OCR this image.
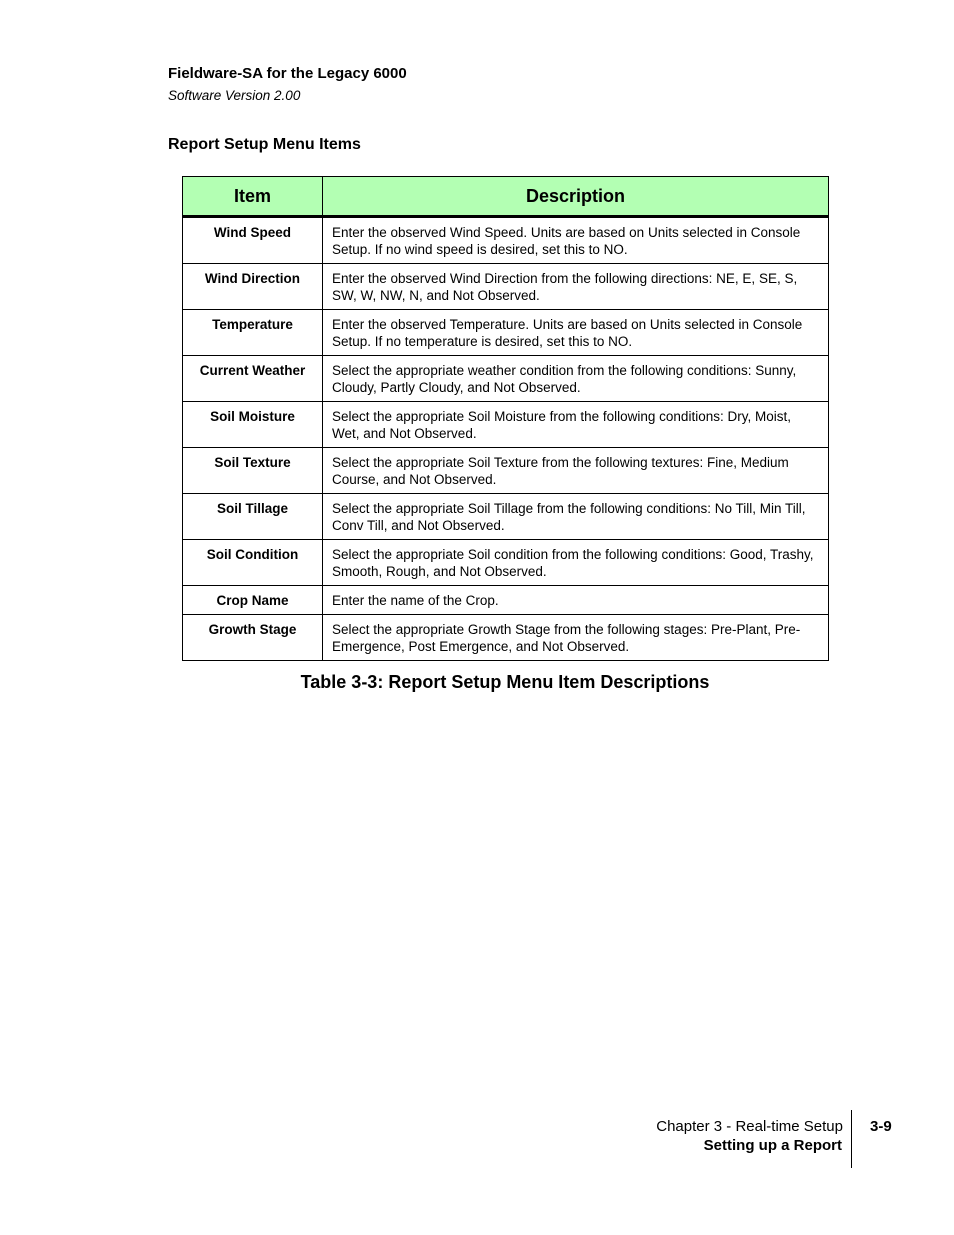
Fieldware-SA for the Legacy 6000
Software Version 2.00
Report Setup Menu Items
Item	Description
Wind Speed	Enter the observed Wind Speed. Units are based on Units selected in Console Setup. If no wind speed is desired, set this to NO.
Wind Direction	Enter the observed Wind Direction from the following directions: NE, E, SE, S, SW, W, NW, N, and Not Observed.
Temperature	Enter the observed Temperature. Units are based on Units selected in Console Setup. If no temperature is desired, set this to NO.
Current Weather	Select the appropriate weather condition from the following conditions: Sunny, Cloudy, Partly Cloudy, and Not Observed.
Soil Moisture	Select the appropriate Soil Moisture from the following conditions: Dry, Moist, Wet, and Not Observed.
Soil Texture	Select the appropriate Soil Texture from the following textures: Fine, Medium Course, and Not Observed.
Soil Tillage	Select the appropriate Soil Tillage from the following conditions: No Till, Min Till, Conv Till, and Not Observed.
Soil Condition	Select the appropriate Soil condition from the following conditions: Good, Trashy, Smooth, Rough, and Not Observed.
Crop Name	Enter the name of the Crop.
Growth Stage	Select the appropriate Growth Stage from the following stages: Pre-Plant, Pre-Emergence, Post Emergence, and Not Observed.
Table 3-3: Report Setup Menu Item Descriptions
Chapter 3 - Real-time Setup
Setting up a Report
3-9
